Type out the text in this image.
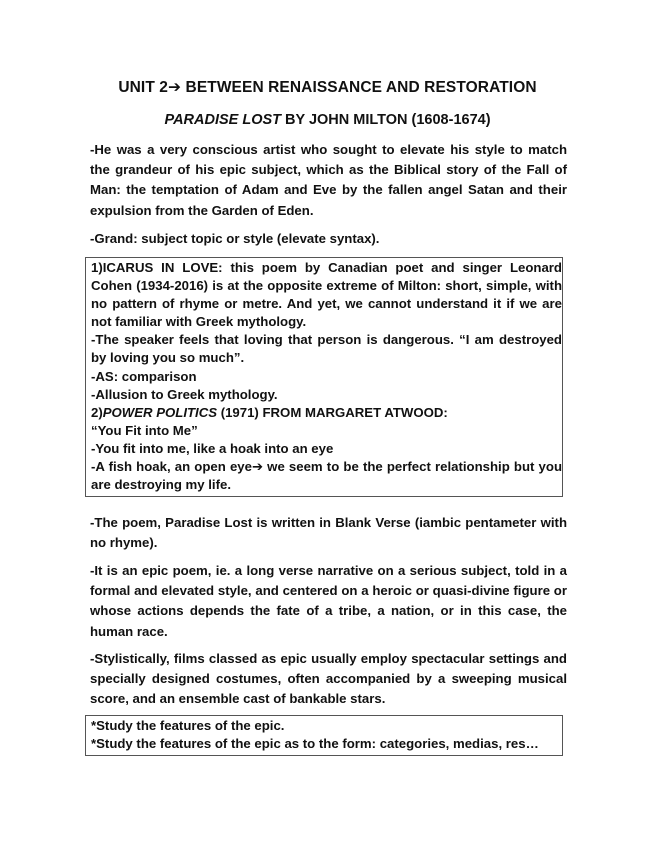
UNIT 2➔ BETWEEN RENAISSANCE AND RESTORATION
PARADISE LOST BY JOHN MILTON (1608-1674)
-He was a very conscious artist who sought to elevate his style to match the grandeur of his epic subject, which as the Biblical story of the Fall of Man: the temptation of Adam and Eve by the fallen angel Satan and their expulsion from the Garden of Eden.
-Grand: subject topic or style (elevate syntax).
1)ICARUS IN LOVE: this poem by Canadian poet and singer Leonard Cohen (1934-2016) is at the opposite extreme of Milton: short, simple, with no pattern of rhyme or metre. And yet, we cannot understand it if we are not familiar with Greek mythology.
-The speaker feels that loving that person is dangerous. “I am destroyed by loving you so much”.
-AS: comparison
-Allusion to Greek mythology.
2)POWER POLITICS (1971) FROM MARGARET ATWOOD:
“You Fit into Me”
-You fit into me, like a hoak into an eye
-A fish hoak, an open eye➔ we seem to be the perfect relationship but you are destroying my life.
-The poem, Paradise Lost is written in Blank Verse (iambic pentameter with no rhyme).
-It is an epic poem, ie. a long verse narrative on a serious subject, told in a formal and elevated style, and centered on a heroic or quasi-divine figure or whose actions depends the fate of a tribe, a nation, or in this case, the human race.
-Stylistically, films classed as epic usually employ spectacular settings and specially designed costumes, often accompanied by a sweeping musical score, and an ensemble cast of bankable stars.
*Study the features of the epic.
*Study the features of the epic as to the form: categories, medias, res…
